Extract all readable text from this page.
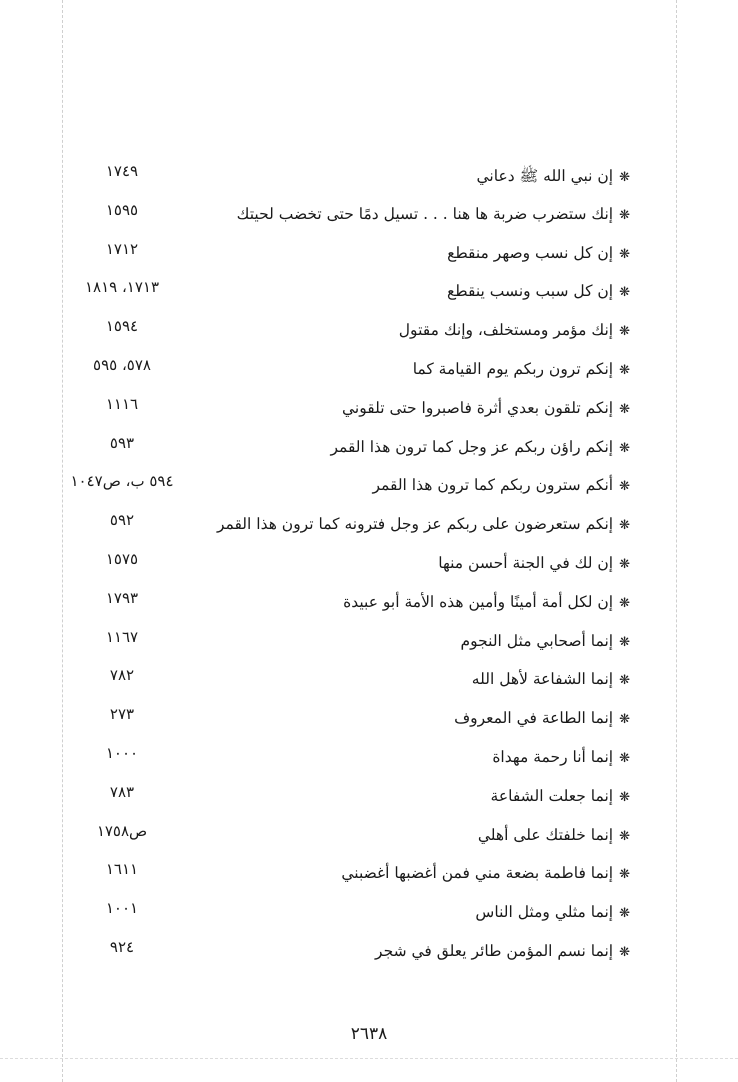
❋إن نبي الله ﷺ دعاني
١٧٤٩
❋إنك ستضرب ضربة ها هنا . . . تسيل دمًا حتى تخضب لحيتك
١٥٩٥
❋إن كل نسب وصهر منقطع
١٧١٢
❋إن كل سبب ونسب ينقطع
١٧١٣، ١٨١٩
❋إنك مؤمر ومستخلف، وإنك مقتول
١٥٩٤
❋إنكم ترون ربكم يوم القيامة كما
٥٧٨، ٥٩٥
❋إنكم تلقون بعدي أثرة فاصبروا حتى تلقوني
١١١٦
❋إنكم راؤن ربكم عز وجل كما ترون هذا القمر
٥٩٣
❋أنكم سترون ربكم كما ترون هذا القمر
٥٩٤ ب، ص١٠٤٧
❋إنكم ستعرضون على ربكم عز وجل فترونه كما ترون هذا القمر
٥٩٢
❋إن لك في الجنة أحسن منها
١٥٧٥
❋إن لكل أمة أمينًا وأمين هذه الأمة أبو عبيدة
١٧٩٣
❋إنما أصحابي مثل النجوم
١١٦٧
❋إنما الشفاعة لأهل الله
٧٨٢
❋إنما الطاعة في المعروف
٢٧٣
❋إنما أنا رحمة مهداة
١٠٠٠
❋إنما جعلت الشفاعة
٧٨٣
❋إنما خلفتك على أهلي
ص١٧٥٨
❋إنما فاطمة بضعة مني فمن أغضبها أغضبني
١٦١١
❋إنما مثلي ومثل الناس
١٠٠١
❋إنما نسم المؤمن طائر يعلق في شجر
٩٢٤
٢٦٣٨
